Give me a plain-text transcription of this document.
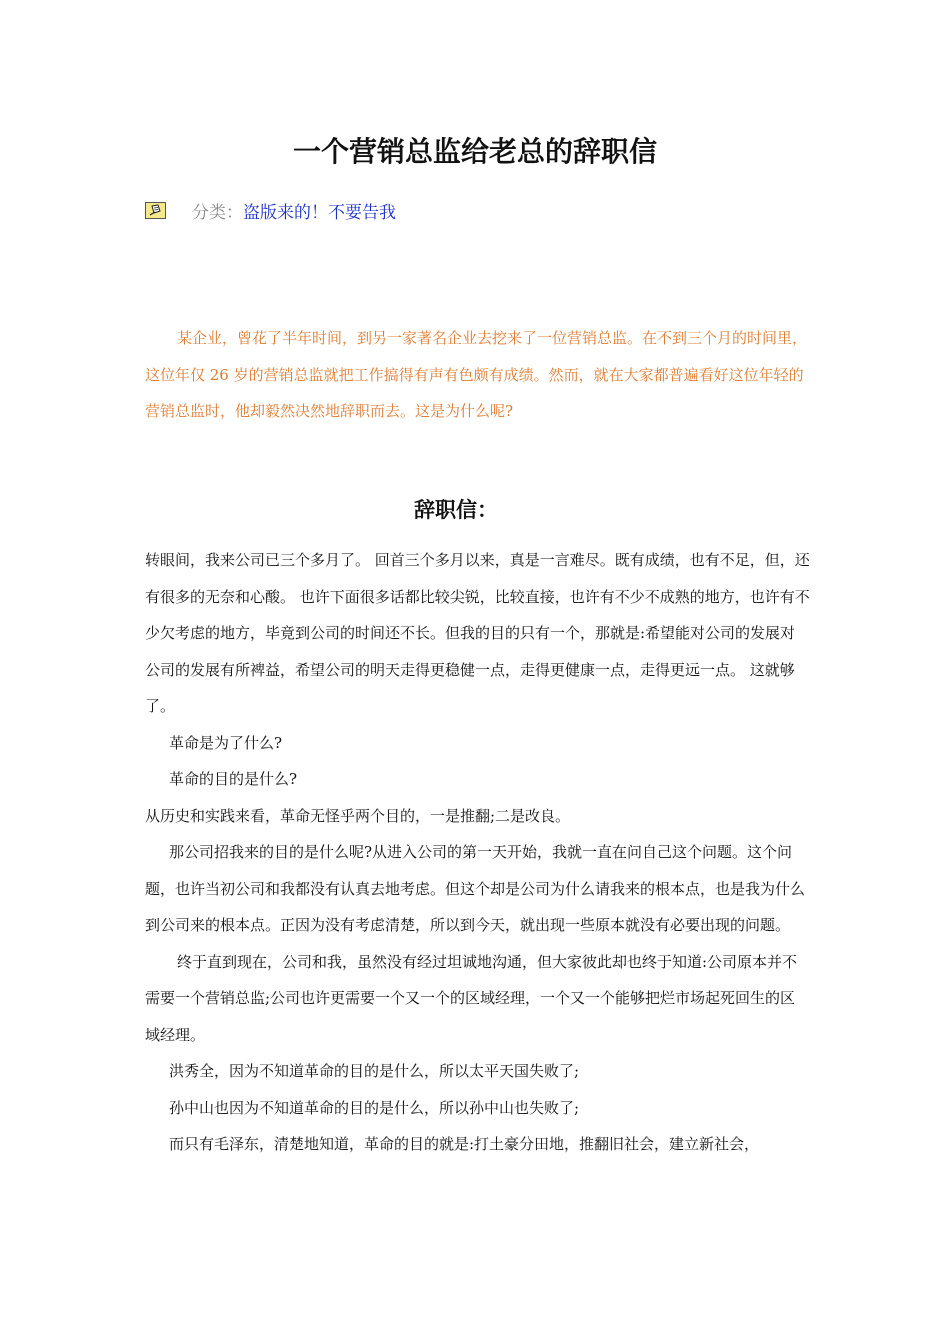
一个营销总监给老总的辞职信
分类： 盗版来的！不要告我

某企业，曾花了半年时间，到另一家著名企业去挖来了一位营销总监。在不到三个月的时间里，这位年仅 26 岁的营销总监就把工作搞得有声有色颇有成绩。然而，就在大家都普遍看好这位年轻的营销总监时，他却毅然决然地辞职而去。这是为什么呢?

辞职信：

转眼间，我来公司已三个多月了。 回首三个多月以来，真是一言难尽。既有成绩，也有不足，但，还有很多的无奈和心酸。 也许下面很多话都比较尖锐，比较直接，也许有不少不成熟的地方，也许有不少欠考虑的地方，毕竟到公司的时间还不长。但我的目的只有一个，那就是:希望能对公司的发展对公司的发展有所裨益，希望公司的明天走得更稳健一点，走得更健康一点，走得更远一点。 这就够了。

革命是为了什么?

革命的目的是什么?

从历史和实践来看，革命无怪乎两个目的，一是推翻;二是改良。

那公司招我来的目的是什么呢?从进入公司的第一天开始，我就一直在问自己这个问题。这个问题，也许当初公司和我都没有认真去地考虑。但这个却是公司为什么请我来的根本点，也是我为什么到公司来的根本点。正因为没有考虑清楚，所以到今天，就出现一些原本就没有必要出现的问题。

终于直到现在，公司和我，虽然没有经过坦诚地沟通，但大家彼此却也终于知道:公司原本并不需要一个营销总监;公司也许更需要一个又一个的区域经理，一个又一个能够把烂市场起死回生的区域经理。

洪秀全，因为不知道革命的目的是什么，所以太平天国失败了;

孙中山也因为不知道革命的目的是什么，所以孙中山也失败了;

而只有毛泽东，清楚地知道，革命的目的就是:打土豪分田地，推翻旧社会，建立新社会，
